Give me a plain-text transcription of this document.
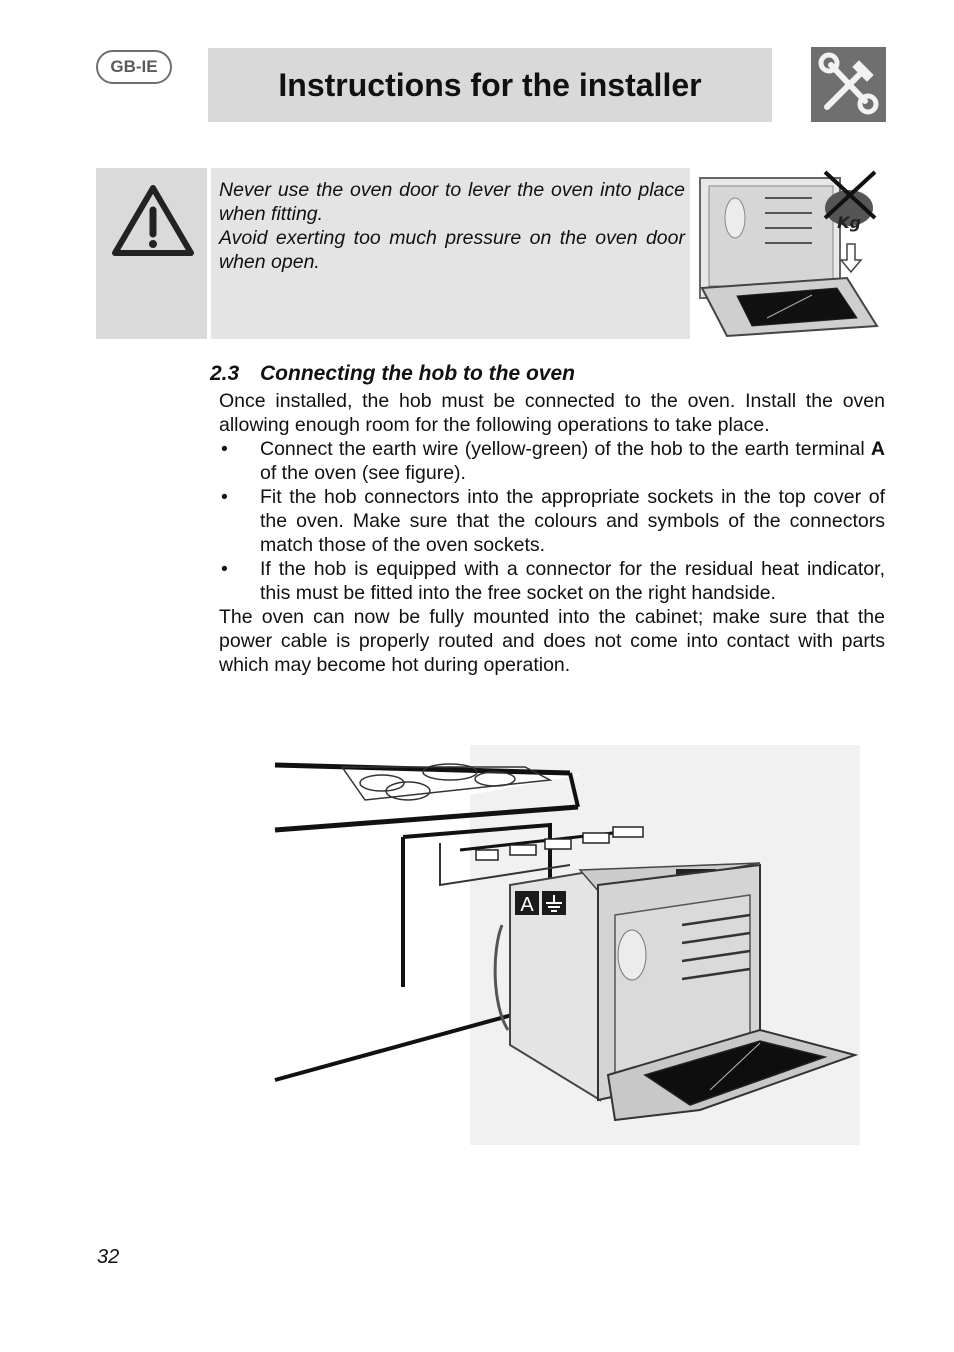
GB-IE	Instructions for the installer

Never use the oven door to lever the oven into place when fitting.

Avoid exerting too much pressure on the oven door when open.

Kg
2.3 Connecting the hob to the oven

Once installed, the hob must be connected to the oven. Install the oven allowing enough room for the following operations to take place.

• Connect the earth wire (yellow-green) of the hob to the earth terminal A of the oven (see figure).
• Fit the hob connectors into the appropriate sockets in the top cover of the oven. Make sure that the colours and symbols of the connectors match those of the oven sockets.
• If the hob is equipped with a connector for the residual heat indicator, this must be fitted into the free socket on the right handside.

The oven can now be fully mounted into the cabinet; make sure that the power cable is properly routed and does not come into contact with parts which may become hot during operation.

A
32
